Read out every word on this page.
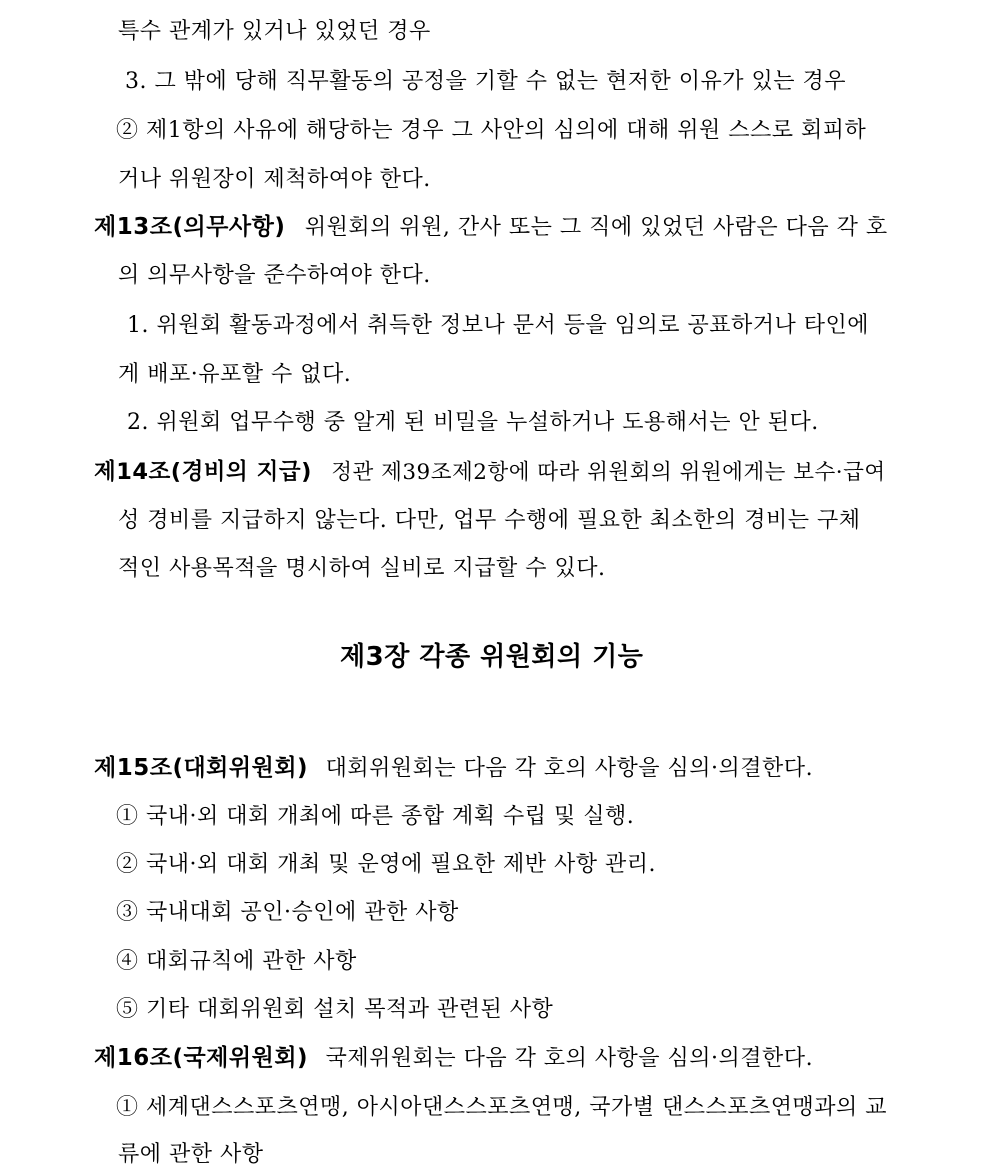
특수 관계가 있거나 있었던 경우
3. 그 밖에 당해 직무활동의 공정을 기할 수 없는 현저한 이유가 있는 경우
② 제1항의 사유에 해당하는 경우 그 사안의 심의에 대해 위원 스스로 회피하
거나 위원장이 제척하여야 한다.
제13조(의무사항) 위원회의 위원, 간사 또는 그 직에 있었던 사람은 다음 각 호
의 의무사항을 준수하여야 한다.
1. 위원회 활동과정에서 취득한 정보나 문서 등을 임의로 공표하거나 타인에
게 배포·유포할 수 없다.
2. 위원회 업무수행 중 알게 된 비밀을 누설하거나 도용해서는 안 된다.
제14조(경비의 지급) 정관 제39조제2항에 따라 위원회의 위원에게는 보수·급여
성 경비를 지급하지 않는다. 다만, 업무 수행에 필요한 최소한의 경비는 구체
적인 사용목적을 명시하여 실비로 지급할 수 있다.
제3장 각종 위원회의 기능
제15조(대회위원회) 대회위원회는 다음 각 호의 사항을 심의·의결한다.
① 국내·외 대회 개최에 따른 종합 계획 수립 및 실행.
② 국내·외 대회 개최 및 운영에 필요한 제반 사항 관리.
③ 국내대회 공인·승인에 관한 사항
④ 대회규칙에 관한 사항
⑤ 기타 대회위원회 설치 목적과 관련된 사항
제16조(국제위원회) 국제위원회는 다음 각 호의 사항을 심의·의결한다.
① 세계댄스스포츠연맹, 아시아댄스스포츠연맹, 국가별 댄스스포츠연맹과의 교
류에 관한 사항
